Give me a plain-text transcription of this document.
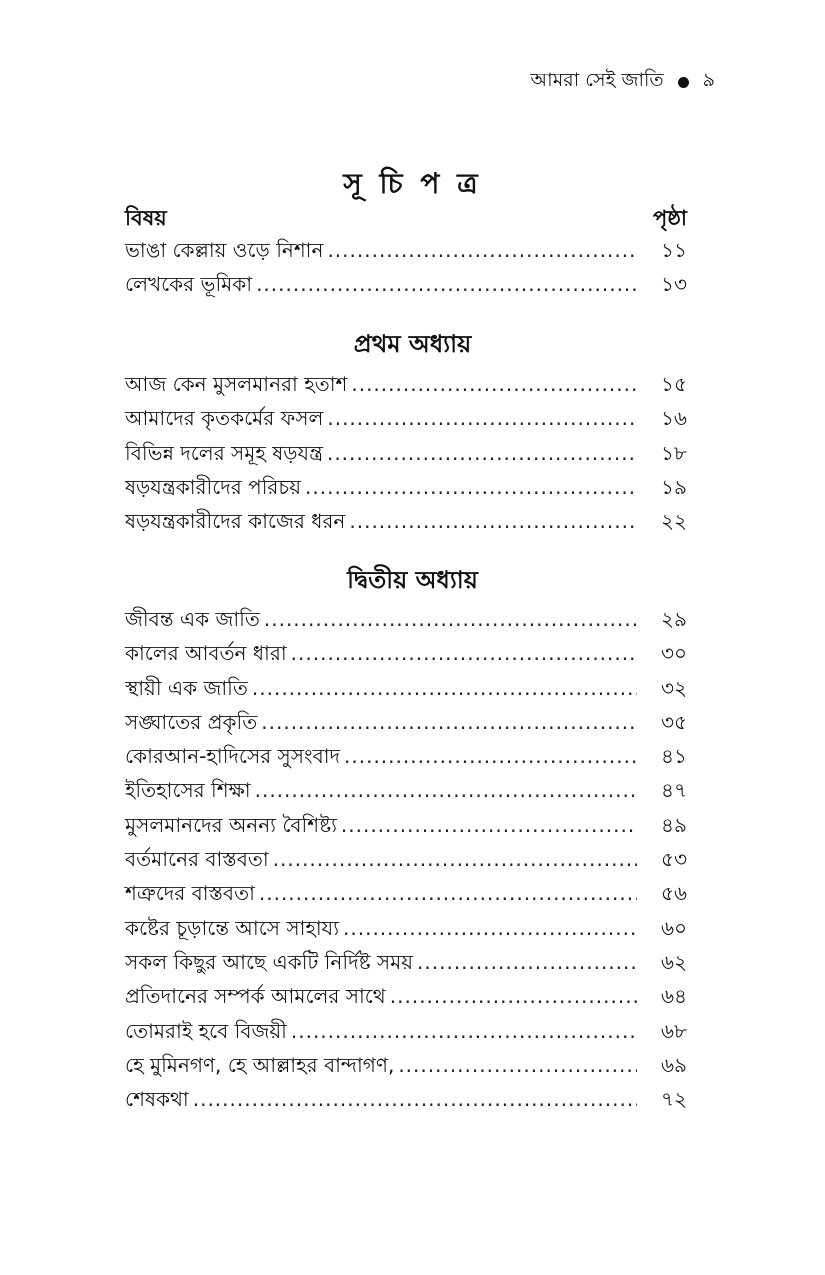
আমরা সেই জাতি ৯
সূ চি প ত্র
বিষয়	পৃষ্ঠা
ভাঙা কেল্লায় ওড়ে নিশান .....	১১
লেখকের ভূমিকা .....	১৩
প্রথম অধ্যায়
আজ কেন মুসলমানরা হতাশ .....	১৫
আমাদের কৃতকর্মের ফসল .....	১৬
বিভিন্ন দলের সমূহ ষড়যন্ত্র .....	১৮
ষড়যন্ত্রকারীদের পরিচয় .....	১৯
ষড়যন্ত্রকারীদের কাজের ধরন .....	২২
দ্বিতীয় অধ্যায়
জীবন্ত এক জাতি .....	২৯
কালের আবর্তন ধারা .....	৩০
স্থায়ী এক জাতি .....	৩২
সঙ্ঘাতের প্রকৃতি .....	৩৫
কোরআন-হাদিসের সুসংবাদ .....	৪১
ইতিহাসের শিক্ষা .....	৪৭
মুসলমানদের অনন্য বৈশিষ্ট্য .....	৪৯
বর্তমানের বাস্তবতা .....	৫৩
শত্রুদের বাস্তবতা .....	৫৬
কষ্টের চূড়ান্তে আসে সাহায্য .....	৬০
সকল কিছুর আছে একটি নির্দিষ্ট সময় .....	৬২
প্রতিদানের সম্পর্ক আমলের সাথে .....	৬৪
তোমরাই হবে বিজয়ী .....	৬৮
হে মুমিনগণ, হে আল্লাহর বান্দাগণ, .....	৬৯
শেষকথা .....	৭২
